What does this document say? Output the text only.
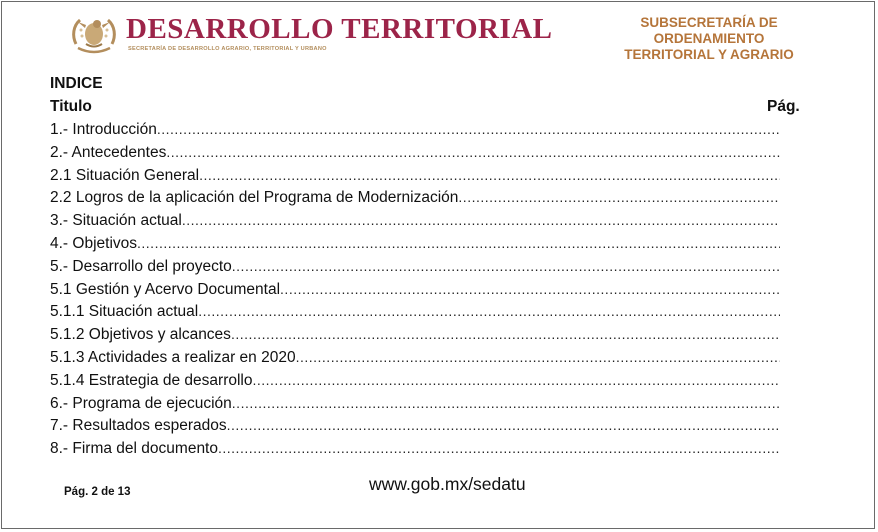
DESARROLLO TERRITORIAL
SECRETARÍA DE DESARROLLO AGRARIO, TERRITORIAL Y URBANO
SUBSECRETARÍA DE
ORDENAMIENTO
TERRITORIAL Y AGRARIO
INDICE
Titulo	Pág.
1.- Introducción
.....
2.- Antecedentes
.....
2.1 Situación General
.....
2.2 Logros de la aplicación del Programa de Modernización
.....
3.- Situación actual
.....
4.- Objetivos
.....
5.- Desarrollo del proyecto
.....
5.1 Gestión y Acervo Documental
.....
5.1.1 Situación actual
.....
5.1.2 Objetivos y alcances
.....
5.1.3 Actividades a realizar en 2020
.....
5.1.4 Estrategia de desarrollo
.....
6.- Programa de ejecución
.....
7.- Resultados esperados
.....
8.- Firma del documento
.....
Pág. 2 de 13	www.gob.mx/sedatu
